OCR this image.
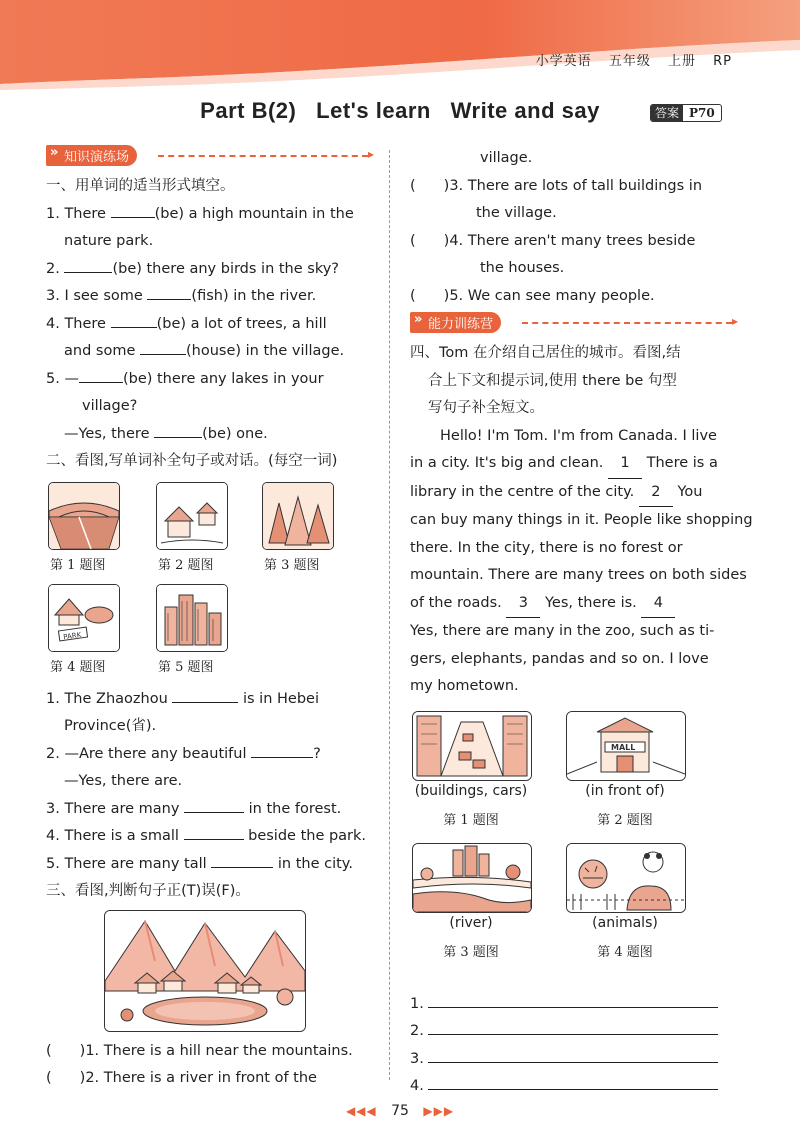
小学英语 五年级 上册 RP
Part B(2)   Let's learn   Write and say	答案 P70
» 知识演练场
▸
一、用单词的适当形式填空。
1. There	(be) a high mountain in the
nature park.
2.	(be) there any birds in the sky?
3. I see some	(fish) in the river.
4. There	(be) a lot of trees, a hill
and some	(house) in the village.
5. —	(be) there any lakes in your
village?
—Yes, there	(be) one.
二、看图,写单词补全句子或对话。(每空一词)
PARK
第 1 题图	第 2 题图	第 3 题图
第 4 题图	第 5 题图
1. The Zhaozhou	is in Hebei
Province(省).
2. —Are there any beautiful	?
—Yes, there are.
3. There are many	in the forest.
4. There is a small	beside the park.
5. There are many tall	in the city.
三、看图,判断句子正(T)误(F)。
( )1. There is a hill near the mountains.
( )2. There is a river in front of the
village.
( )3. There are lots of tall buildings in
the village.
( )4. There aren't many trees beside
the houses.
( )5. We can see many people.
» 能力训练营
▸
四、Tom 在介绍自己居住的城市。看图,结
合上下文和提示词,使用 there be 句型
写句子补全短文。
Hello! I'm Tom. I'm from Canada. I live
in a city. It's big and clean. 1 There is a
library in the centre of the city. 2 You
can buy many things in it. People like shopping
there. In the city, there is no forest or
mountain. There are many trees on both sides
of the roads. 3 Yes, there is. 4
Yes, there are many in the zoo, such as ti-
gers, elephants, pandas and so on. I love
my hometown.
MALL
(buildings, cars)	(in front of)
第 1 题图	第 2 题图
(river)	(animals)
第 3 题图	第 4 题图
1.
2.
3.
4.
◀◀◀ 75 ▶▶▶
